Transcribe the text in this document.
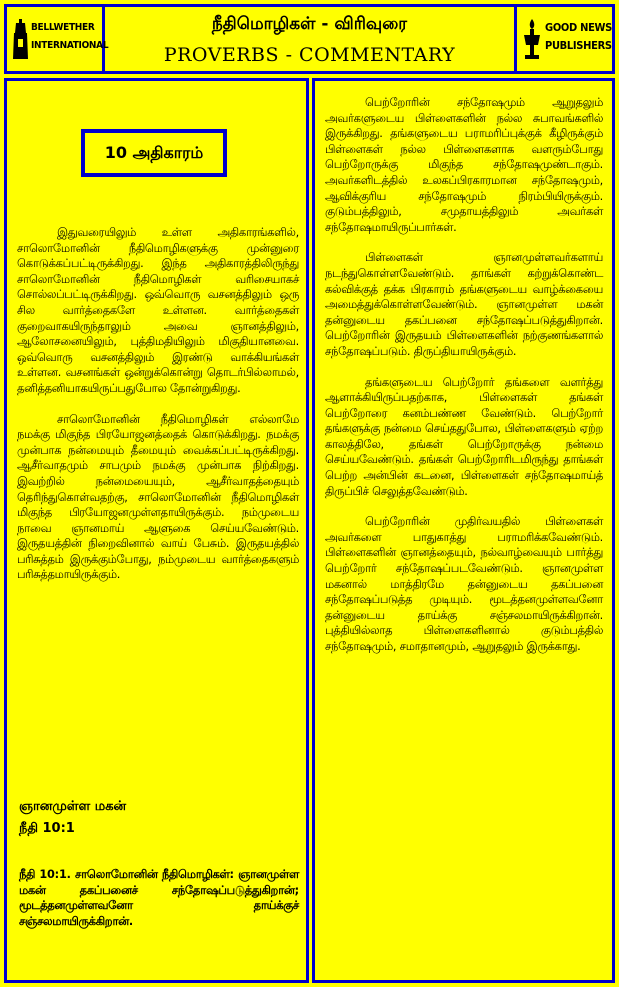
BELLWETHER
INTERNATIONAL
நீதிமொழிகள் - விரிவுரை
PROVERBS - COMMENTARY
GOOD NEWS
PUBLISHERS
10 அதிகாரம்

இதுவரையிலும் உள்ள அதிகாரங்களில், சாலொமோனின் நீதிமொழிகளுக்கு முன்னுரை கொடுக்கப்பட்டிருக்கிறது. இந்த அதிகாரத்திலிருந்து சாலொமோனின் நீதிமொழிகள் வரிசையாகச் சொல்லப்பட்டிருக்கிறது. ஒவ்வொரு வசனத்திலும் ஒரு சில வார்த்தைகளே உள்ளன. வார்த்தைகள் குறைவாகயிருந்தாலும் அவை ஞானத்திலும், ஆலோசனையிலும், புத்திமதியிலும் மிகுதியானவை. ஒவ்வொரு வசனத்திலும் இரண்டு வாக்கியங்கள் உள்ளன. வசனங்கள் ஒன்றுக்கொன்று தொடர்பில்லாமல், தனித்தனியாகயிருப்பதுபோல தோன்றுகிறது.

சாலொமோனின் நீதிமொழிகள் எல்லாமே நமக்கு மிகுந்த பிரயோஜனத்தைக் கொடுக்கிறது. நமக்கு முன்பாக நன்மையும் தீமையும் வைக்கப்பட்டிருக்கிறது. ஆசீர்வாதமும் சாபமும் நமக்கு முன்பாக நிற்கிறது. இவற்றில் நன்மையையும், ஆசீர்வாதத்தையும் தெரிந்துகொள்வதற்கு, சாலொமோனின் நீதிமொழிகள் மிகுந்த பிரயோஜனமுள்ளதாயிருக்கும். நம்முடைய நாவை ஞானமாய் ஆளுகை செய்யவேண்டும். இருதயத்தின் நிறைவினால் வாய் பேசும். இருதயத்தில் பரிசுத்தம் இருக்கும்போது, நம்முடைய வார்த்தைகளும் பரிசுத்தமாயிருக்கும்.

ஞானமுள்ள மகன்
நீதி 10:1

நீதி 10:1. சாலொமோனின் நீதிமொழிகள்: ஞானமுள்ள மகன் தகப்பனைச் சந்தோஷப்படுத்துகிறான்; மூடத்தனமுள்ளவனோ தாய்க்குச் சஞ்சலமாயிருக்கிறான்.

பெற்றோரின் சந்தோஷமும் ஆறுதலும் அவர்களுடைய பிள்ளைகளின் நல்ல சுபாவங்களில் இருக்கிறது. தங்களுடைய பராமரிப்புக்குக் கீழிருக்கும் பிள்ளைகள் நல்ல பிள்ளைகளாக வளரும்போது பெற்றோருக்கு மிகுந்த சந்தோஷமுண்டாகும். அவர்களிடத்தில் உலகப்பிரகாரமான சந்தோஷமும், ஆவிக்குரிய சந்தோஷமும் நிரம்பியிருக்கும். குடும்பத்திலும், சமுதாயத்திலும் அவர்கள் சந்தோஷமாயிருப்பார்கள்.

பிள்ளைகள் ஞானமுள்ளவர்களாய் நடந்துகொள்ளவேண்டும். தாங்கள் கற்றுக்கொண்ட கல்விக்குத் தக்க பிரகாரம் தங்களுடைய வாழ்க்கையை அமைத்துக்கொள்ளவேண்டும். ஞானமுள்ள மகன் தன்னுடைய தகப்பனை சந்தோஷப்படுத்துகிறான். பெற்றோரின் இருதயம் பிள்ளைகளின் நற்குணங்களால் சந்தோஷப்படும். திருப்தியாயிருக்கும்.

தங்களுடைய பெற்றோர் தங்களை வளர்த்து ஆளாக்கியிருப்பதற்காக, பிள்ளைகள் தங்கள் பெற்றோரை கனம்பண்ண வேண்டும். பெற்றோர் தங்களுக்கு நன்மை செய்ததுபோல, பிள்ளைகளும் ஏற்ற காலத்திலே, தங்கள் பெற்றோருக்கு நன்மை செய்யவேண்டும். தங்கள் பெற்றோரிடமிருந்து தாங்கள் பெற்ற அன்பின் கடனை, பிள்ளைகள் சந்தோஷமாய்த் திருப்பிச் செலுத்தவேண்டும்.

பெற்றோரின் முதிர்வயதில் பிள்ளைகள் அவர்களை பாதுகாத்து பராமரிக்கவேண்டும். பிள்ளைகளின் ஞானத்தையும், நல்வாழ்வையும் பார்த்து பெற்றோர் சந்தோஷப்படவேண்டும். ஞானமுள்ள மகனால் மாத்திரமே தன்னுடைய தகப்பனை சந்தோஷப்படுத்த முடியும். மூடத்தனமுள்ளவனோ தன்னுடைய தாய்க்கு சஞ்சலமாயிருக்கிறான். புத்தியில்லாத பிள்ளைகளினால் குடும்பத்தில் சந்தோஷமும், சமாதானமும், ஆறுதலும் இருக்காது.
